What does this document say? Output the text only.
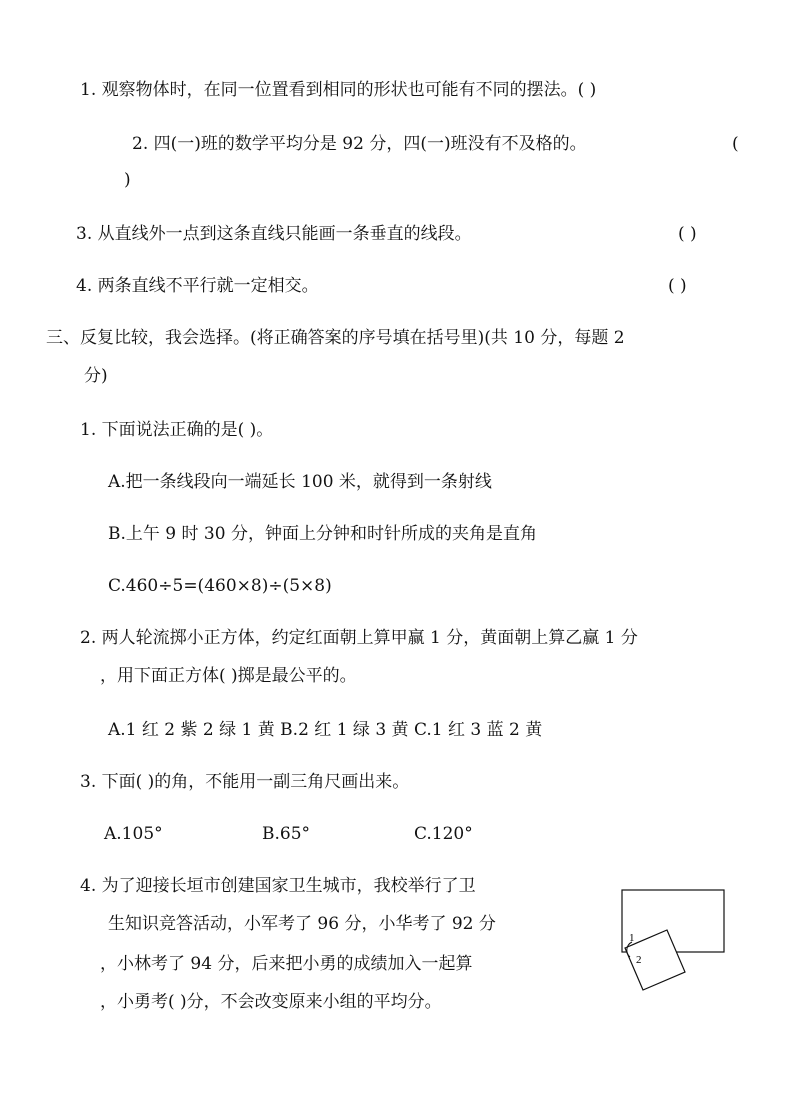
1. 观察物体时，在同一位置看到相同的形状也可能有不同的摆法。( )
2. 四(一)班的数学平均分是 92 分，四(一)班没有不及格的。	(
)
3. 从直线外一点到这条直线只能画一条垂直的线段。	( )
4. 两条直线不平行就一定相交。	( )
三、反复比较，我会选择。(将正确答案的序号填在括号里)(共 10 分，每题 2
分)
1. 下面说法正确的是( )。
A.把一条线段向一端延长 100 米，就得到一条射线
B.上午 9 时 30 分，钟面上分钟和时针所成的夹角是直角
C.460÷5=(460×8)÷(5×8)
2. 两人轮流掷小正方体，约定红面朝上算甲赢 1 分，黄面朝上算乙赢 1 分
，用下面正方体( )掷是最公平的。
A.1 红 2 紫 2 绿 1 黄 B.2 红 1 绿 3 黄 C.1 红 3 蓝 2 黄
3. 下面( )的角，不能用一副三角尺画出来。
A.105°	B.65°	C.120°
4. 为了迎接长垣市创建国家卫生城市，我校举行了卫
生知识竞答活动，小军考了 96 分，小华考了 92 分
，小林考了 94 分，后来把小勇的成绩加入一起算
，小勇考( )分，不会改变原来小组的平均分。
1
2
